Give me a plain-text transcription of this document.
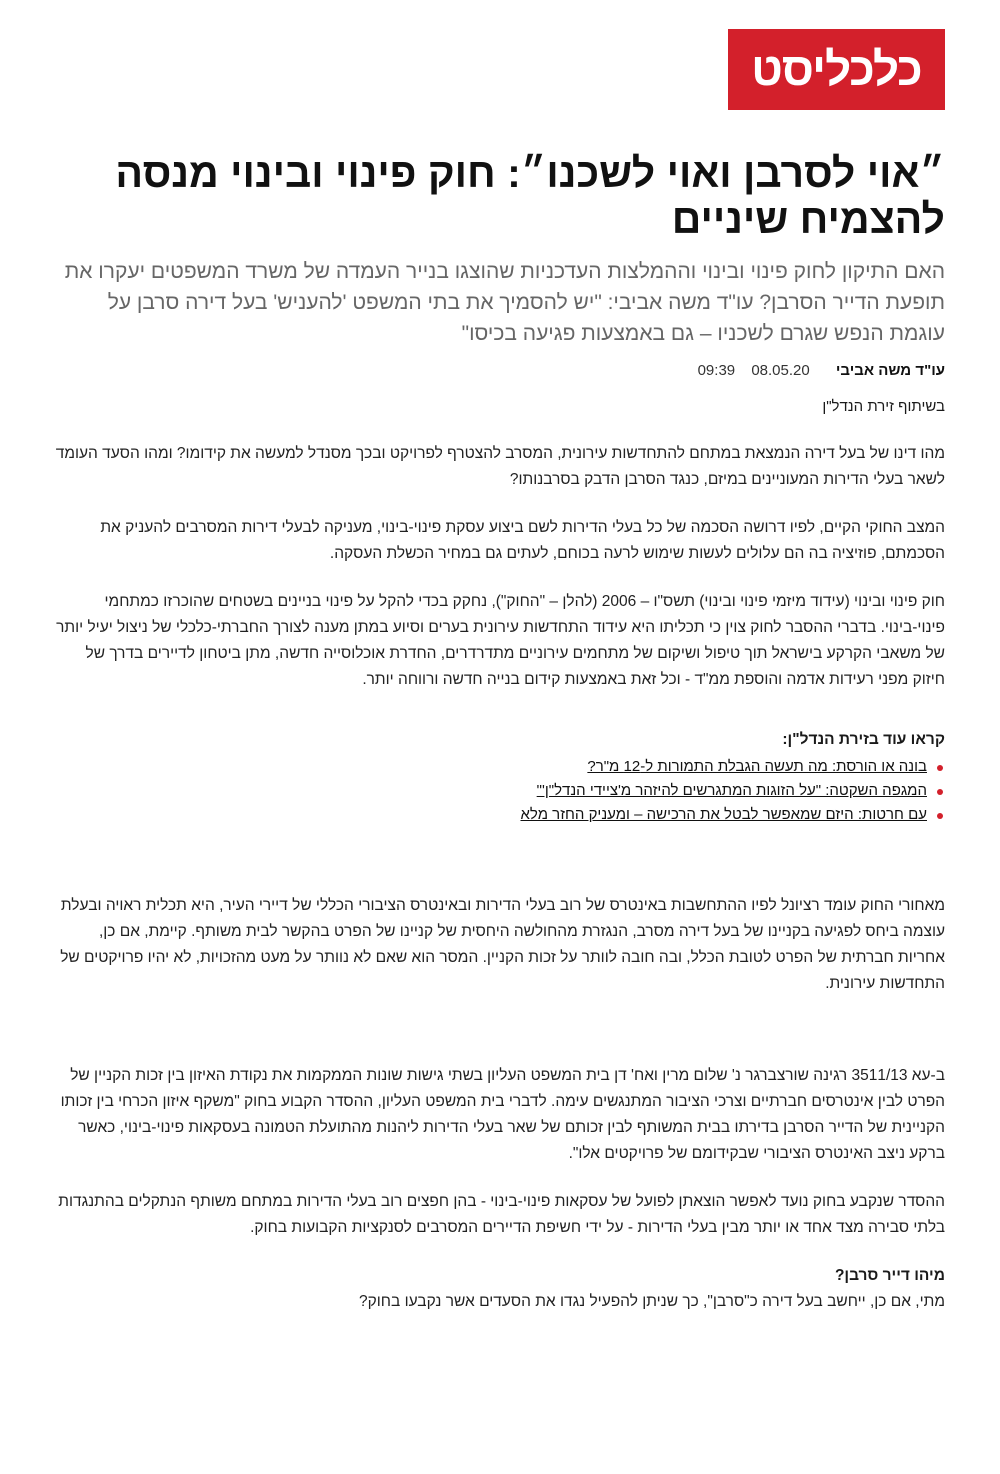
כלכליסט
״אוי לסרבן ואוי לשכנו״: חוק פינוי ובינוי מנסה להצמיח שיניים
האם התיקון לחוק פינוי ובינוי וההמלצות העדכניות שהוצגו בנייר העמדה של משרד המשפטים יעקרו את תופעת הדייר הסרבן? עו"ד משה אביבי: "יש להסמיך את בתי המשפט 'להעניש' בעל דירה סרבן על עוגמת הנפש שגרם לשכניו – גם באמצעות פגיעה בכיסו"
עו"ד משה אביבי 08.05.20 09:39
בשיתוף זירת הנדל"ן

מהו דינו של בעל דירה הנמצאת במתחם להתחדשות עירונית, המסרב להצטרף לפרויקט ובכך מסנדל למעשה את קידומו? ומהו הסעד העומד לשאר בעלי הדירות המעוניינים במיזם, כנגד הסרבן הדבק בסרבנותו?

המצב החוקי הקיים, לפיו דרושה הסכמה של כל בעלי הדירות לשם ביצוע עסקת פינוי-בינוי, מעניקה לבעלי דירות המסרבים להעניק את הסכמתם, פוזיציה בה הם עלולים לעשות שימוש לרעה בכוחם, לעתים גם במחיר הכשלת העסקה.

חוק פינוי ובינוי (עידוד מיזמי פינוי ובינוי) תשס"ו – 2006 (להלן – "החוק"), נחקק בכדי להקל על פינוי בניינים בשטחים שהוכרזו כמתחמי פינוי-בינוי. בדברי ההסבר לחוק צוין כי תכליתו היא עידוד התחדשות עירונית בערים וסיוע במתן מענה לצורך החברתי-כלכלי של ניצול יעיל יותר של משאבי הקרקע בישראל תוך טיפול ושיקום של מתחמים עירוניים מתדרדרים, החדרת אוכלוסייה חדשה, מתן ביטחון לדיירים בדרך של חיזוק מפני רעידות אדמה והוספת ממ"ד - וכל זאת באמצעות קידום בנייה חדשה ורווחה יותר.

קראו עוד בזירת הנדל"ן:
בונה או הורסת: מה תעשה הגבלת התמורות ל-12 מ"ר?
המגפה השקטה: "על הזוגות המתגרשים להיזהר מ'ציידי הנדל"ן'"
עם חרטות: היזם שמאפשר לבטל את הרכישה – ומעניק החזר מלא

מאחורי החוק עומד רציונל לפיו ההתחשבות באינטרס של רוב בעלי הדירות ובאינטרס הציבורי הכללי של דיירי העיר, היא תכלית ראויה ובעלת עוצמה ביחס לפגיעה בקניינו של בעל דירה מסרב, הנגזרת מהחולשה היחסית של קניינו של הפרט בהקשר לבית משותף. קיימת, אם כן, אחריות חברתית של הפרט לטובת הכלל, ובה חובה לוותר על זכות הקניין. המסר הוא שאם לא נוותר על מעט מהזכויות, לא יהיו פרויקטים של התחדשות עירונית.

ב-עא 3511/13 רגינה שורצברגר נ' שלום מרין ואח' דן בית המשפט העליון בשתי גישות שונות הממקמות את נקודת האיזון בין זכות הקניין של הפרט לבין אינטרסים חברתיים וצרכי הציבור המתנגשים עימה. לדברי בית המשפט העליון, ההסדר הקבוע בחוק "משקף איזון הכרחי בין זכותו הקניינית של הדייר הסרבן בדירתו בבית המשותף לבין זכותם של שאר בעלי הדירות ליהנות מהתועלת הטמונה בעסקאות פינוי-בינוי, כאשר ברקע ניצב האינטרס הציבורי שבקידומם של פרויקטים אלו".

ההסדר שנקבע בחוק נועד לאפשר הוצאתן לפועל של עסקאות פינוי-בינוי - בהן חפצים רוב בעלי הדירות במתחם משותף הנתקלים בהתנגדות בלתי סבירה מצד אחד או יותר מבין בעלי הדירות - על ידי חשיפת הדיירים המסרבים לסנקציות הקבועות בחוק.

מיהו דייר סרבן?

מתי, אם כן, ייחשב בעל דירה כ"סרבן", כך שניתן להפעיל נגדו את הסעדים אשר נקבעו בחוק?
